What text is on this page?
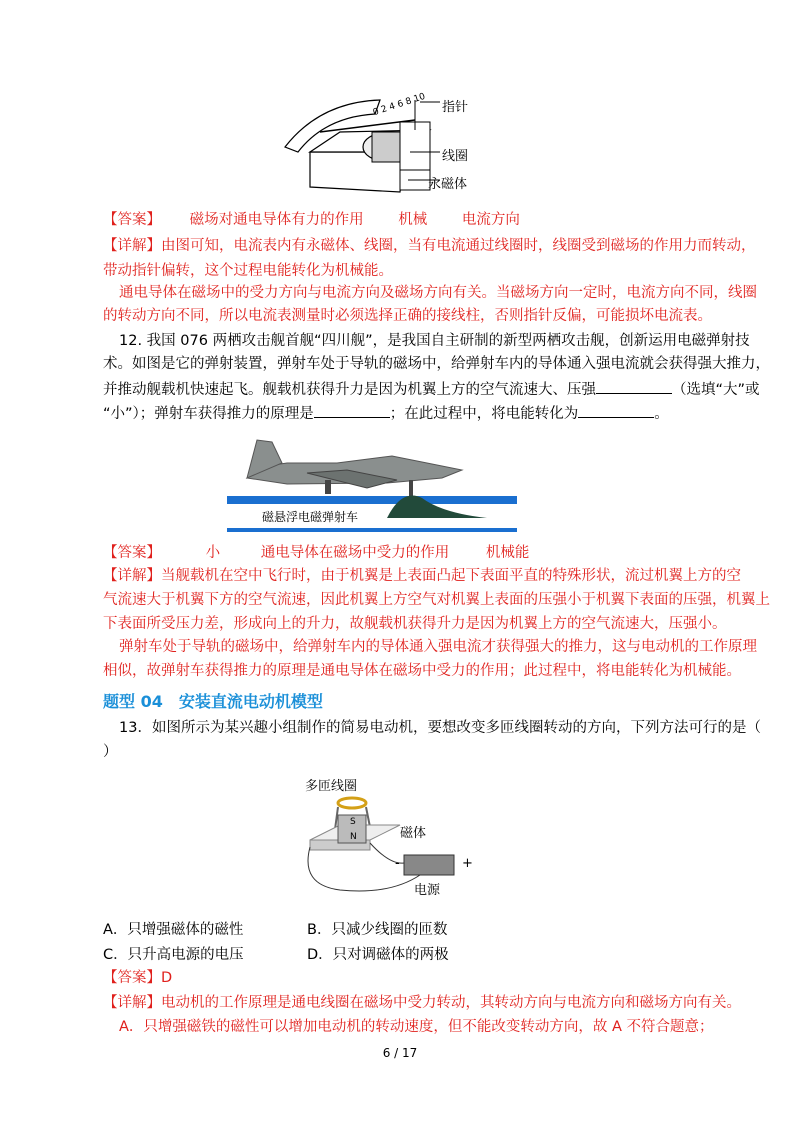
0 2 4 6 8 10 指针
线圈
永磁体
【答案】 磁场对通电导体有力的作用 机械 电流方向
【详解】由图可知，电流表内有永磁体、线圈，当有电流通过线圈时，线圈受到磁场的作用力而转动，
带动指针偏转，这个过程电能转化为机械能。
通电导体在磁场中的受力方向与电流方向及磁场方向有关。当磁场方向一定时，电流方向不同，线圈
的转动方向不同，所以电流表测量时必须选择正确的接线柱，否则指针反偏，可能损坏电流表。
12. 我国 076 两栖攻击舰首舰“四川舰”，是我国自主研制的新型两栖攻击舰，创新运用电磁弹射技
术。如图是它的弹射装置，弹射车处于导轨的磁场中，给弹射车内的导体通入强电流就会获得强大推力，
并推动舰载机快速起飞。舰载机获得升力是因为机翼上方的空气流速大、压强	（选填“大”或
“小”）；弹射车获得推力的原理是	；在此过程中，将电能转化为	。
磁悬浮电磁弹射车
【答案】	小	通电导体在磁场中受力的作用	机械能
【详解】当舰载机在空中飞行时，由于机翼是上表面凸起下表面平直的特殊形状，流过机翼上方的空
气流速大于机翼下方的空气流速，因此机翼上方空气对机翼上表面的压强小于机翼下表面的压强，机翼上
下表面所受压力差，形成向上的升力，故舰载机获得升力是因为机翼上方的空气流速大，压强小。
弹射车处于导轨的磁场中，给弹射车内的导体通入强电流才获得强大的推力，这与电动机的工作原理
相似，故弹射车获得推力的原理是通电导体在磁场中受力的作用；此过程中，将电能转化为机械能。
题型 04　安装直流电动机模型
13．如图所示为某兴趣小组制作的简易电动机，要想改变多匝线圈转动的方向，下列方法可行的是（
）
多匝线圈
S
N	磁体
-	+
电源
A．只增强磁体的磁性	B．只减少线圈的匝数
C．只升高电源的电压	D．只对调磁体的两极
【答案】D
【详解】电动机的工作原理是通电线圈在磁场中受力转动，其转动方向与电流方向和磁场方向有关。
A．只增强磁铁的磁性可以增加电动机的转动速度，但不能改变转动方向，故 A 不符合题意；
6 / 17
